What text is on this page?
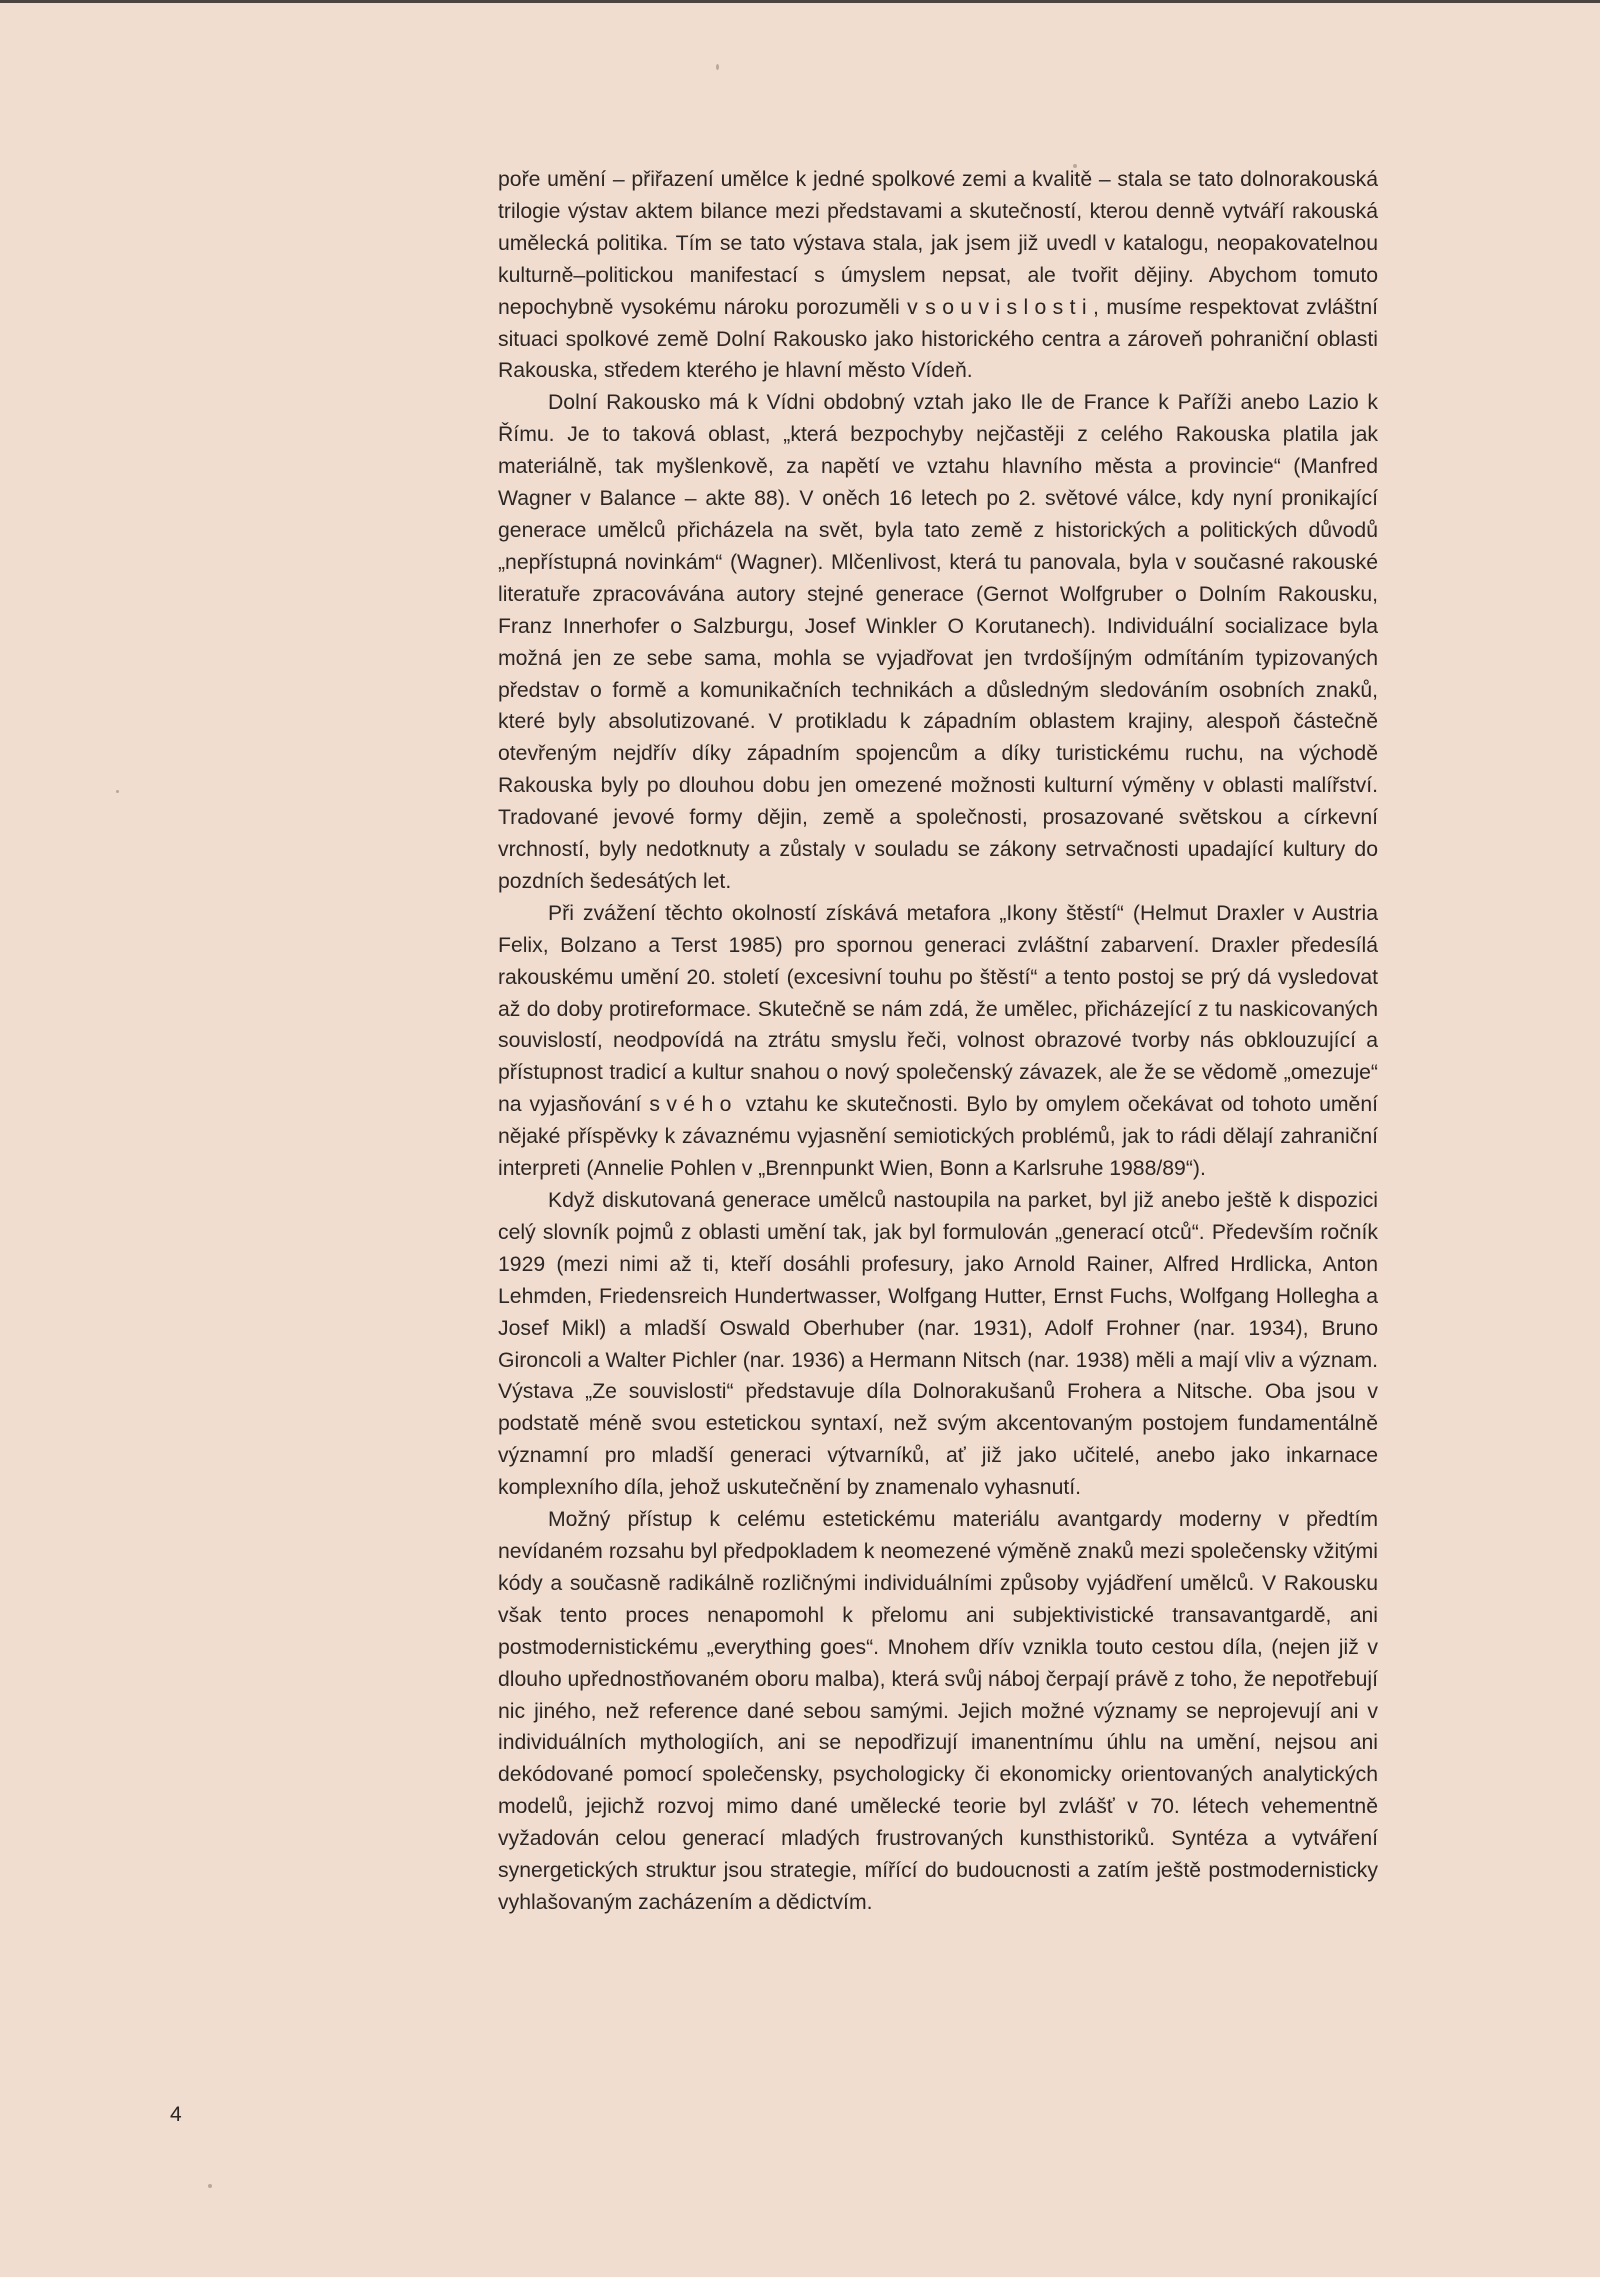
poře umění – přiřazení umělce k jedné spolkové zemi a kvalitě – stala se tato dolnorakouská trilogie výstav aktem bilance mezi představami a skutečností, kterou denně vytváří rakouská umělecká politika. Tím se tato výstava stala, jak jsem již uvedl v katalogu, neopakovatelnou kulturně–politickou manifestací s úmyslem nepsat, ale tvořit dějiny. Abychom tomuto nepochybně vysokému nároku porozuměli v souvislosti, musíme respektovat zvláštní situaci spolkové země Dolní Rakousko jako historického centra a zároveň pohraniční oblasti Rakouska, středem kterého je hlavní město Vídeň.

Dolní Rakousko má k Vídni obdobný vztah jako Ile de France k Paříži anebo Lazio k Římu. Je to taková oblast, „která bezpochyby nejčastěji z celého Rakouska platila jak materiálně, tak myšlenkově, za napětí ve vztahu hlavního města a provincie“ (Manfred Wagner v Balance – akte 88). V oněch 16 letech po 2. světové válce, kdy nyní pronikající generace umělců přicházela na svět, byla tato země z historických a politických důvodů „nepřístupná novinkám“ (Wagner). Mlčenlivost, která tu panovala, byla v současné rakouské literatuře zpracovávána autory stejné generace (Gernot Wolfgruber o Dolním Rakousku, Franz Innerhofer o Salzburgu, Josef Winkler O Korutanech). Individuální socializace byla možná jen ze sebe sama, mohla se vyjadřovat jen tvrdošíjným odmítáním typizovaných představ o formě a komunikačních technikách a důsledným sledováním osobních znaků, které byly absolutizované. V protikladu k západním oblastem krajiny, alespoň částečně otevřeným nejdřív díky západním spojencům a díky turistickému ruchu, na východě Rakouska byly po dlouhou dobu jen omezené možnosti kulturní výměny v oblasti malířství. Tradované jevové formy dějin, země a společnosti, prosazované světskou a církevní vrchností, byly nedotknuty a zůstaly v souladu se zákony setrvačnosti upadající kultury do pozdních šedesátých let.

Při zvážení těchto okolností získává metafora „Ikony štěstí“ (Helmut Draxler v Austria Felix, Bolzano a Terst 1985) pro spornou generaci zvláštní zabarvení. Draxler předesílá rakouskému umění 20. století (excesivní touhu po štěstí“ a tento postoj se prý dá vysledovat až do doby protireformace. Skutečně se nám zdá, že umělec, přicházející z tu naskicovaných souvislostí, neodpovídá na ztrátu smyslu řeči, volnost obrazové tvorby nás obklouzující a přístupnost tradicí a kultur snahou o nový společenský závazek, ale že se vědomě „omezuje“ na vyjasňování svého vztahu ke skutečnosti. Bylo by omylem očekávat od tohoto umění nějaké příspěvky k závaznému vyjasnění semiotických problémů, jak to rádi dělají zahraniční interpreti (Annelie Pohlen v „Brennpunkt Wien, Bonn a Karlsruhe 1988/89“).

Když diskutovaná generace umělců nastoupila na parket, byl již anebo ještě k dispozici celý slovník pojmů z oblasti umění tak, jak byl formulován „generací otců“. Především ročník 1929 (mezi nimi až ti, kteří dosáhli profesury, jako Arnold Rainer, Alfred Hrdlicka, Anton Lehmden, Friedensreich Hundertwasser, Wolfgang Hutter, Ernst Fuchs, Wolfgang Hollegha a Josef Mikl) a mladší Oswald Oberhuber (nar. 1931), Adolf Frohner (nar. 1934), Bruno Gironcoli a Walter Pichler (nar. 1936) a Hermann Nitsch (nar. 1938) měli a mají vliv a význam. Výstava „Ze souvislosti“ představuje díla Dolnorakušanů Frohera a Nitsche. Oba jsou v podstatě méně svou estetickou syntaxí, než svým akcentovaným postojem fundamentálně významní pro mladší generaci výtvarníků, ať již jako učitelé, anebo jako inkarnace komplexního díla, jehož uskutečnění by znamenalo vyhasnutí.

Možný přístup k celému estetickému materiálu avantgardy moderny v předtím nevídaném rozsahu byl předpokladem k neomezené výměně znaků mezi společensky vžitými kódy a současně radikálně rozličnými individuálními způsoby vyjádření umělců. V Rakousku však tento proces nenapomohl k přelomu ani subjektivistické transavantgardě, ani postmodernistickému „everything goes“. Mnohem dřív vznikla touto cestou díla, (nejen již v dlouho upřednostňovaném oboru malba), která svůj náboj čerpají právě z toho, že nepotřebují nic jiného, než reference dané sebou samými. Jejich možné významy se neprojevují ani v individuálních mythologiích, ani se nepodřizují imanentnímu úhlu na umění, nejsou ani dekódované pomocí společensky, psychologicky či ekonomicky orientovaných analytických modelů, jejichž rozvoj mimo dané umělecké teorie byl zvlášť v 70. létech vehementně vyžadován celou generací mladých frustrovaných kunsthistoriků. Syntéza a vytváření synergetických struktur jsou strategie, mířící do budoucnosti a zatím ještě postmodernisticky vyhlašovaným zacházením a dědictvím.

4
